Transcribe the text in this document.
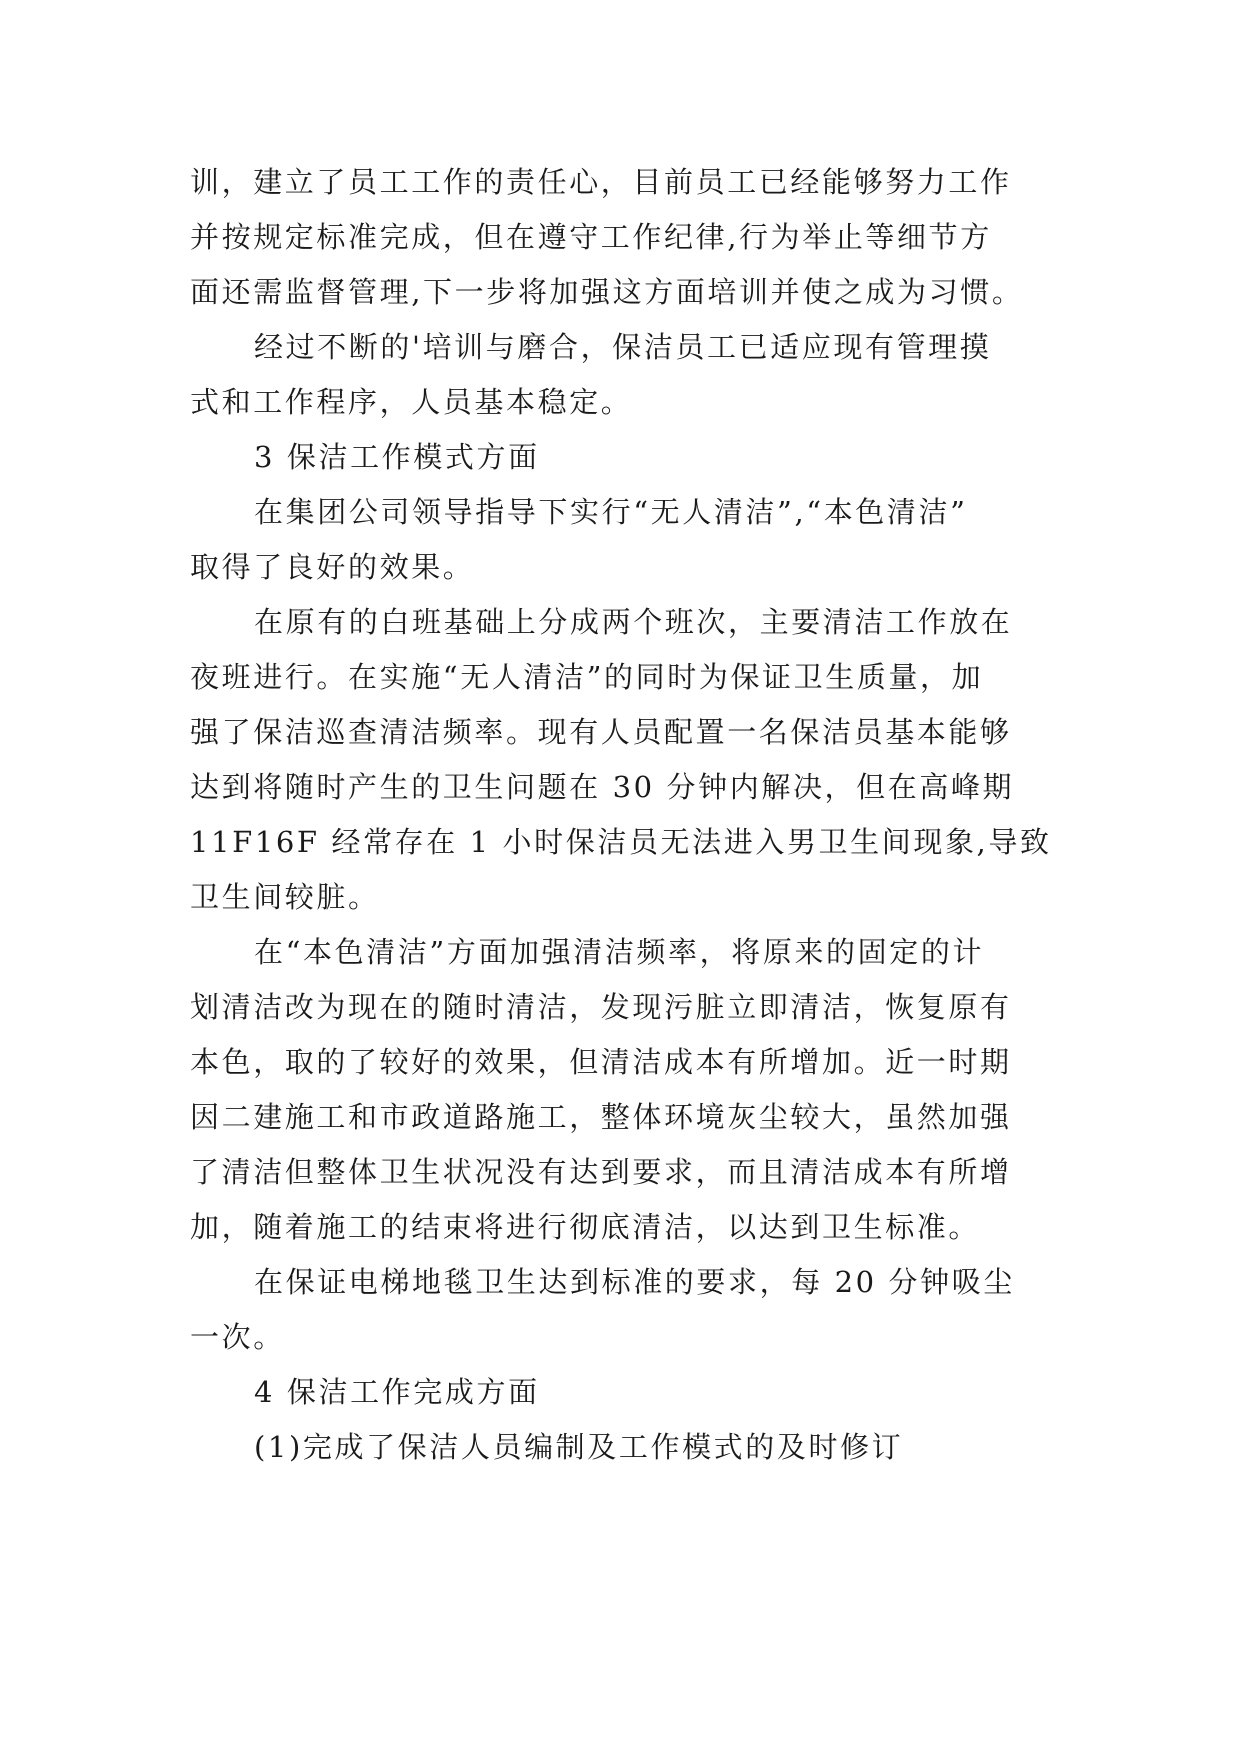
训，建立了员工工作的责任心，目前员工已经能够努力工作
并按规定标准完成，但在遵守工作纪律,行为举止等细节方
面还需监督管理,下一步将加强这方面培训并使之成为习惯。
经过不断的'培训与磨合，保洁员工已适应现有管理摸
式和工作程序，人员基本稳定。
3 保洁工作模式方面
在集团公司领导指导下实行“无人清洁”,“本色清洁”
取得了良好的效果。
在原有的白班基础上分成两个班次，主要清洁工作放在
夜班进行。在实施“无人清洁”的同时为保证卫生质量，加
强了保洁巡查清洁频率。现有人员配置一名保洁员基本能够
达到将随时产生的卫生问题在 30 分钟内解决，但在高峰期
11F16F 经常存在 1 小时保洁员无法进入男卫生间现象,导致
卫生间较脏。
在“本色清洁”方面加强清洁频率，将原来的固定的计
划清洁改为现在的随时清洁，发现污脏立即清洁，恢复原有
本色，取的了较好的效果，但清洁成本有所增加。近一时期
因二建施工和市政道路施工，整体环境灰尘较大，虽然加强
了清洁但整体卫生状况没有达到要求，而且清洁成本有所增
加，随着施工的结束将进行彻底清洁，以达到卫生标准。
在保证电梯地毯卫生达到标准的要求，每 20 分钟吸尘
一次。
4 保洁工作完成方面
(1)完成了保洁人员编制及工作模式的及时修订
